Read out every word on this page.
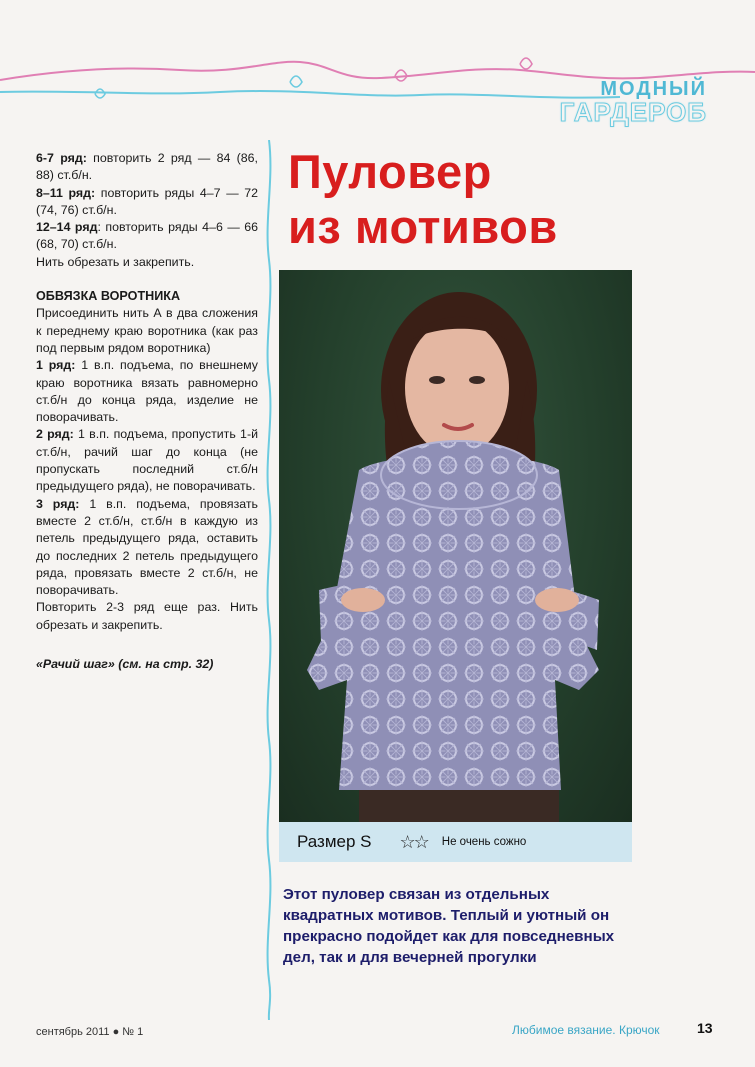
МОДНЫЙ
ГАРДЕРОБ

6-7 ряд: повторить 2 ряд — 84 (86, 88) ст.б/н.

8–11 ряд: повторить ряды 4–7 — 72 (74, 76) ст.б/н.

12–14 ряд: повторить ряды 4–6 — 66 (68, 70) ст.б/н.

Нить обрезать и закрепить.

ОБВЯЗКА ВОРОТНИКА

Присоединить нить А в два сложения к переднему краю воротника (как раз под первым рядом воротника)

1 ряд: 1 в.п. подъема, по внешнему краю воротника вязать равномерно ст.б/н до конца ряда, изделие не поворачивать.

2 ряд: 1 в.п. подъема, пропустить 1-й ст.б/н, рачий шаг до конца (не пропускать последний ст.б/н предыдущего ряда), не поворачивать.

3 ряд: 1 в.п. подъема, провязать вместе 2 ст.б/н, ст.б/н в каждую из петель предыдущего ряда, оставить до последних 2 петель предыдущего ряда, провязать вместе 2 ст.б/н, не поворачивать.

Повторить 2-3 ряд еще раз. Нить обрезать и закрепить.

«Рачий шаг» (см. на стр. 32)

Пуловер
из мотивов
Размер S ☆☆ Не очень сожно
Этот пуловер связан из отдельных квадратных мотивов. Теплый и уютный он прекрасно подойдет как для повседневных дел, так и для вечерней прогулки
сентябрь 2011 ● № 1	Любимое вязание. Крючок	13
